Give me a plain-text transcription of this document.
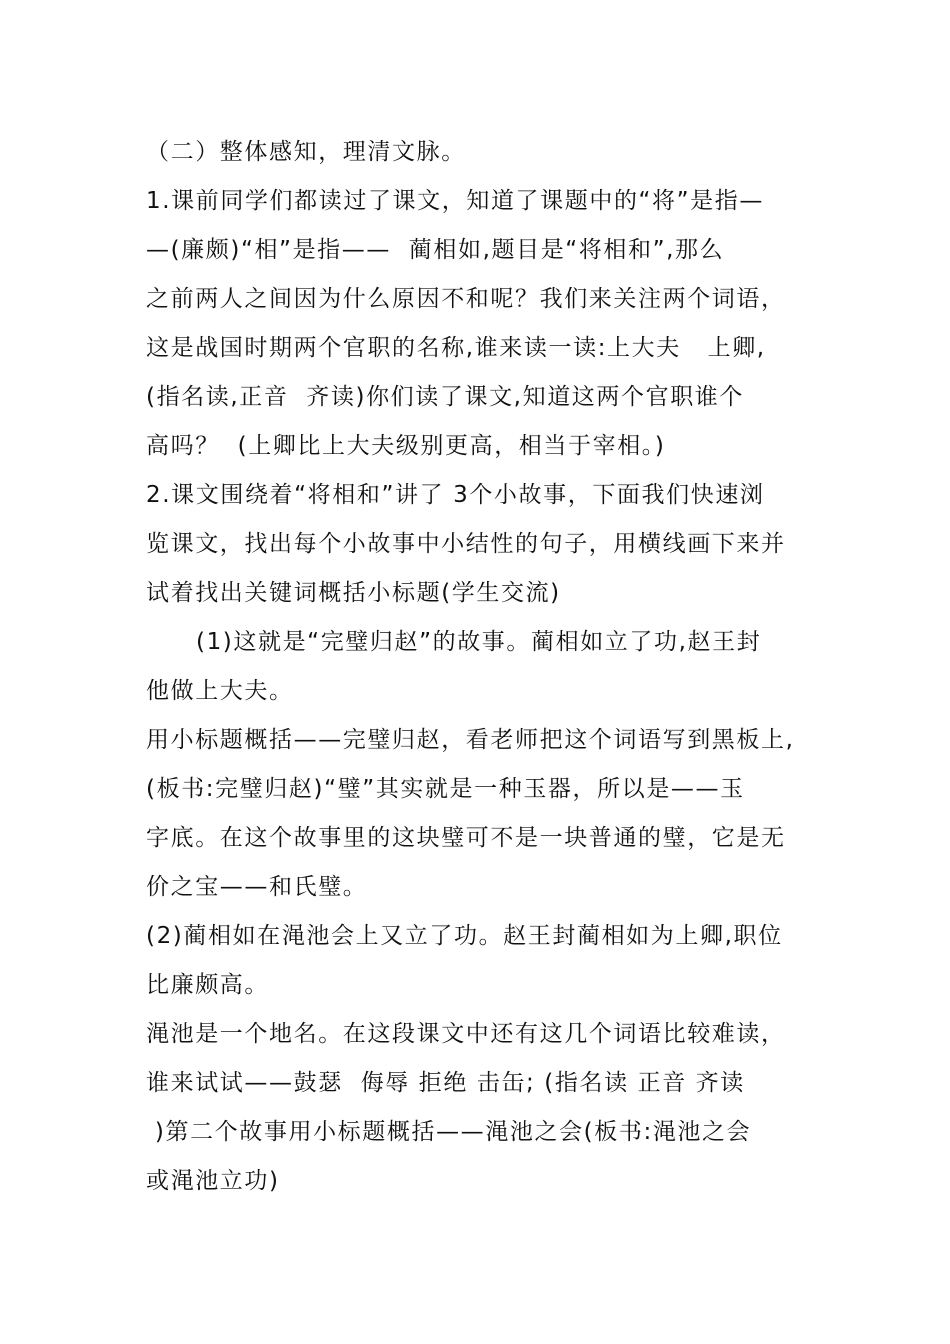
（二）整体感知，理清文脉。
1.课前同学们都读过了课文，知道了课题中的“将”是指—
—(廉颇)“相”是指——  蔺相如,题目是“将相和”,那么
之前两人之间因为什么原因不和呢？我们来关注两个词语，
这是战国时期两个官职的名称,谁来读一读:上大夫   上卿,
(指名读,正音  齐读)你们读了课文,知道这两个官职谁个
高吗？  (上卿比上大夫级别更高，相当于宰相。)
2.课文围绕着“将相和”讲了 3个小故事，下面我们快速浏
览课文，找出每个小故事中小结性的句子，用横线画下来并
试着找出关键词概括小标题(学生交流)
(1)这就是“完璧归赵”的故事。蔺相如立了功,赵王封
他做上大夫。
用小标题概括——完璧归赵，看老师把这个词语写到黑板上,
(板书:完璧归赵)“璧”其实就是一种玉器，所以是——玉
字底。在这个故事里的这块璧可不是一块普通的璧，它是无
价之宝——和氏璧。
(2)蔺相如在渑池会上又立了功。赵王封蔺相如为上卿,职位
比廉颇高。
渑池是一个地名。在这段课文中还有这几个词语比较难读，
谁来试试——鼓瑟  侮辱 拒绝 击缶; (指名读 正音 齐读
)第二个故事用小标题概括——渑池之会(板书:渑池之会
或渑池立功)
